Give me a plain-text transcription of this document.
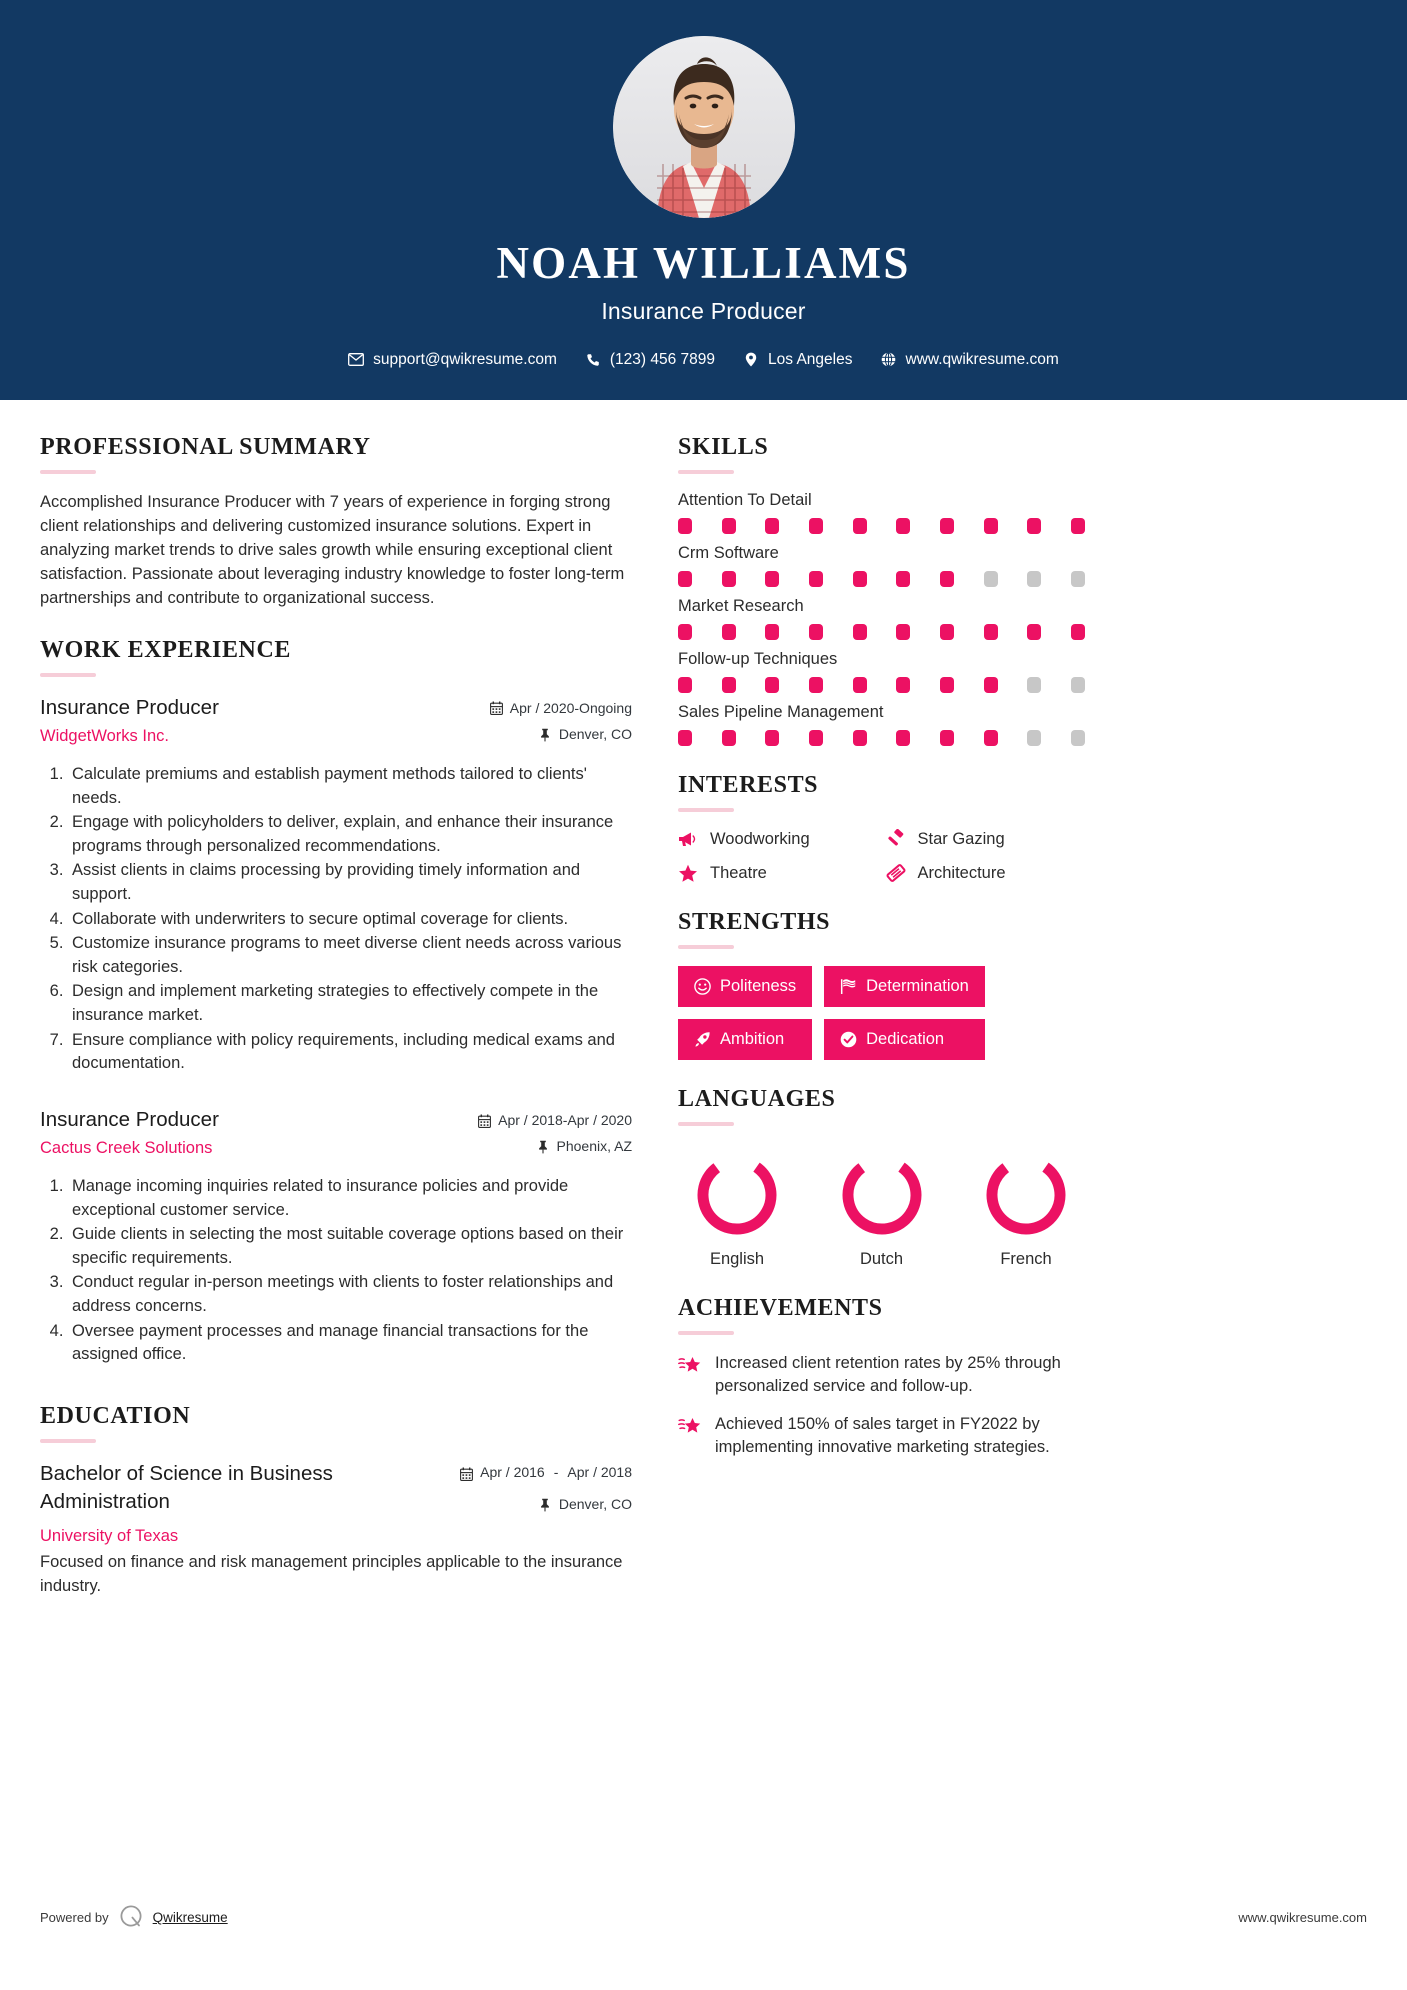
NOAH WILLIAMS
Insurance Producer
support@qwikresume.com	(123) 456 7899	Los Angeles	www.qwikresume.com
PROFESSIONAL SUMMARY
Accomplished Insurance Producer with 7 years of experience in forging strong client relationships and delivering customized insurance solutions. Expert in analyzing market trends to drive sales growth while ensuring exceptional client satisfaction. Passionate about leveraging industry knowledge to foster long-term partnerships and contribute to organizational success.
WORK EXPERIENCE
Insurance Producer
WidgetWorks Inc.
Apr / 2020-Ongoing
Denver, CO
1. Calculate premiums and establish payment methods tailored to clients' needs.
2. Engage with policyholders to deliver, explain, and enhance their insurance programs through personalized recommendations.
3. Assist clients in claims processing by providing timely information and support.
4. Collaborate with underwriters to secure optimal coverage for clients.
5. Customize insurance programs to meet diverse client needs across various risk categories.
6. Design and implement marketing strategies to effectively compete in the insurance market.
7. Ensure compliance with policy requirements, including medical exams and documentation.
Insurance Producer
Cactus Creek Solutions
Apr / 2018-Apr / 2020
Phoenix, AZ
1. Manage incoming inquiries related to insurance policies and provide exceptional customer service.
2. Guide clients in selecting the most suitable coverage options based on their specific requirements.
3. Conduct regular in-person meetings with clients to foster relationships and address concerns.
4. Oversee payment processes and manage financial transactions for the assigned office.
EDUCATION
Bachelor of Science in Business Administration
University of Texas
Apr / 2016 - Apr / 2018
Denver, CO
Focused on finance and risk management principles applicable to the insurance industry.
SKILLS
Attention To Detail
Crm Software
Market Research
Follow-up Techniques
Sales Pipeline Management
INTERESTS
Woodworking	Star Gazing
Theatre	Architecture
STRENGTHS
Politeness	Determination
Ambition	Dedication
LANGUAGES
English	Dutch	French
ACHIEVEMENTS
Increased client retention rates by 25% through personalized service and follow-up.
Achieved 150% of sales target in FY2022 by implementing innovative marketing strategies.
Powered by	Qwikresume	www.qwikresume.com
